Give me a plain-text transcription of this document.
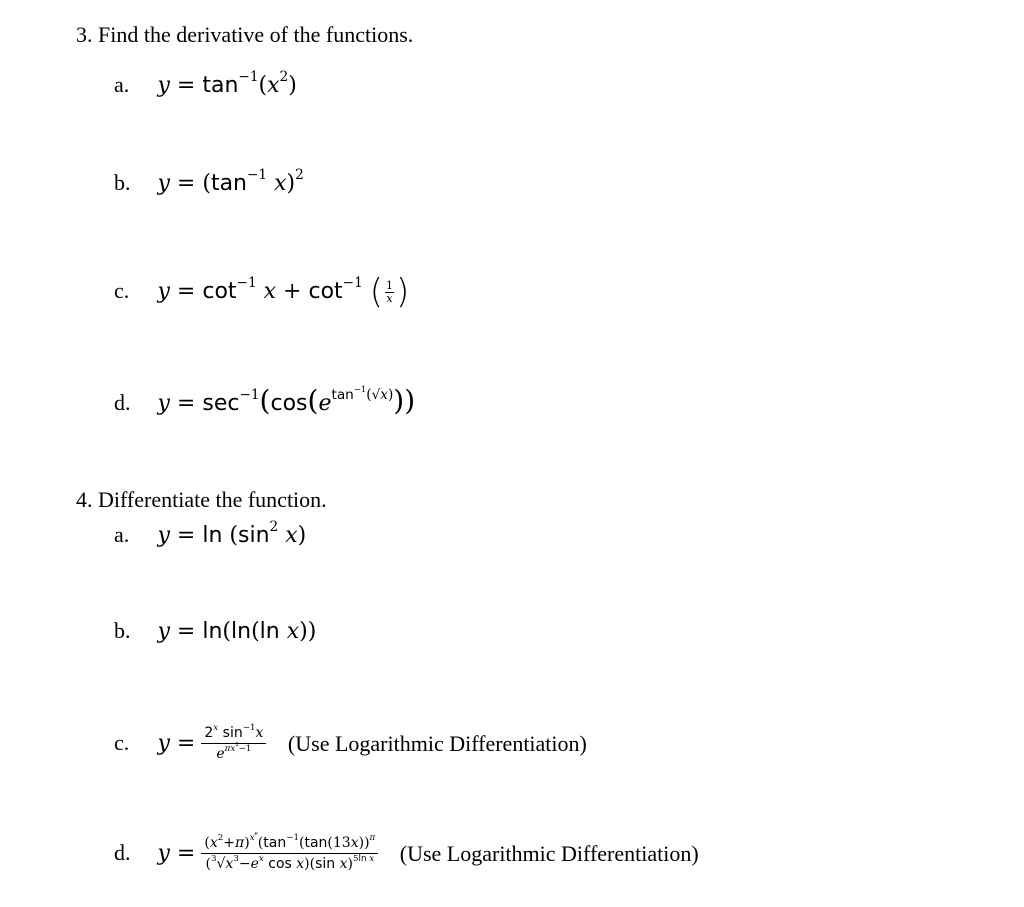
3. Find the derivative of the functions.
a. $y = \tan^{-1}(x^2)$
b. $y = (\tan^{-1}$ x)$^2$
c. $y = \cot^{-1} x + \cot^{-1}$ ( $\frac{1}{x}$ )
d. $y = \sec^{-1}(\cos(e^{tan^{-1}(√x)}))$
4. Differentiate the function.
a. $y = \ln (\sin^2$ x)
b. y = ln(ln(ln x))
c. $y = \frac{2^x \sin^{-1}x}{e^{\pi x^2-1}} (Use$ Logarithmic Differentiation)
d. $y = \frac{(x^2+\pi)^{x^e}(\tan^{-1}(\tan(13x))^\pi}{(^3√x^3-e^x \cos x)(\sin x)^{5ln x}} (Use$ Logarithmic Differentiation)
